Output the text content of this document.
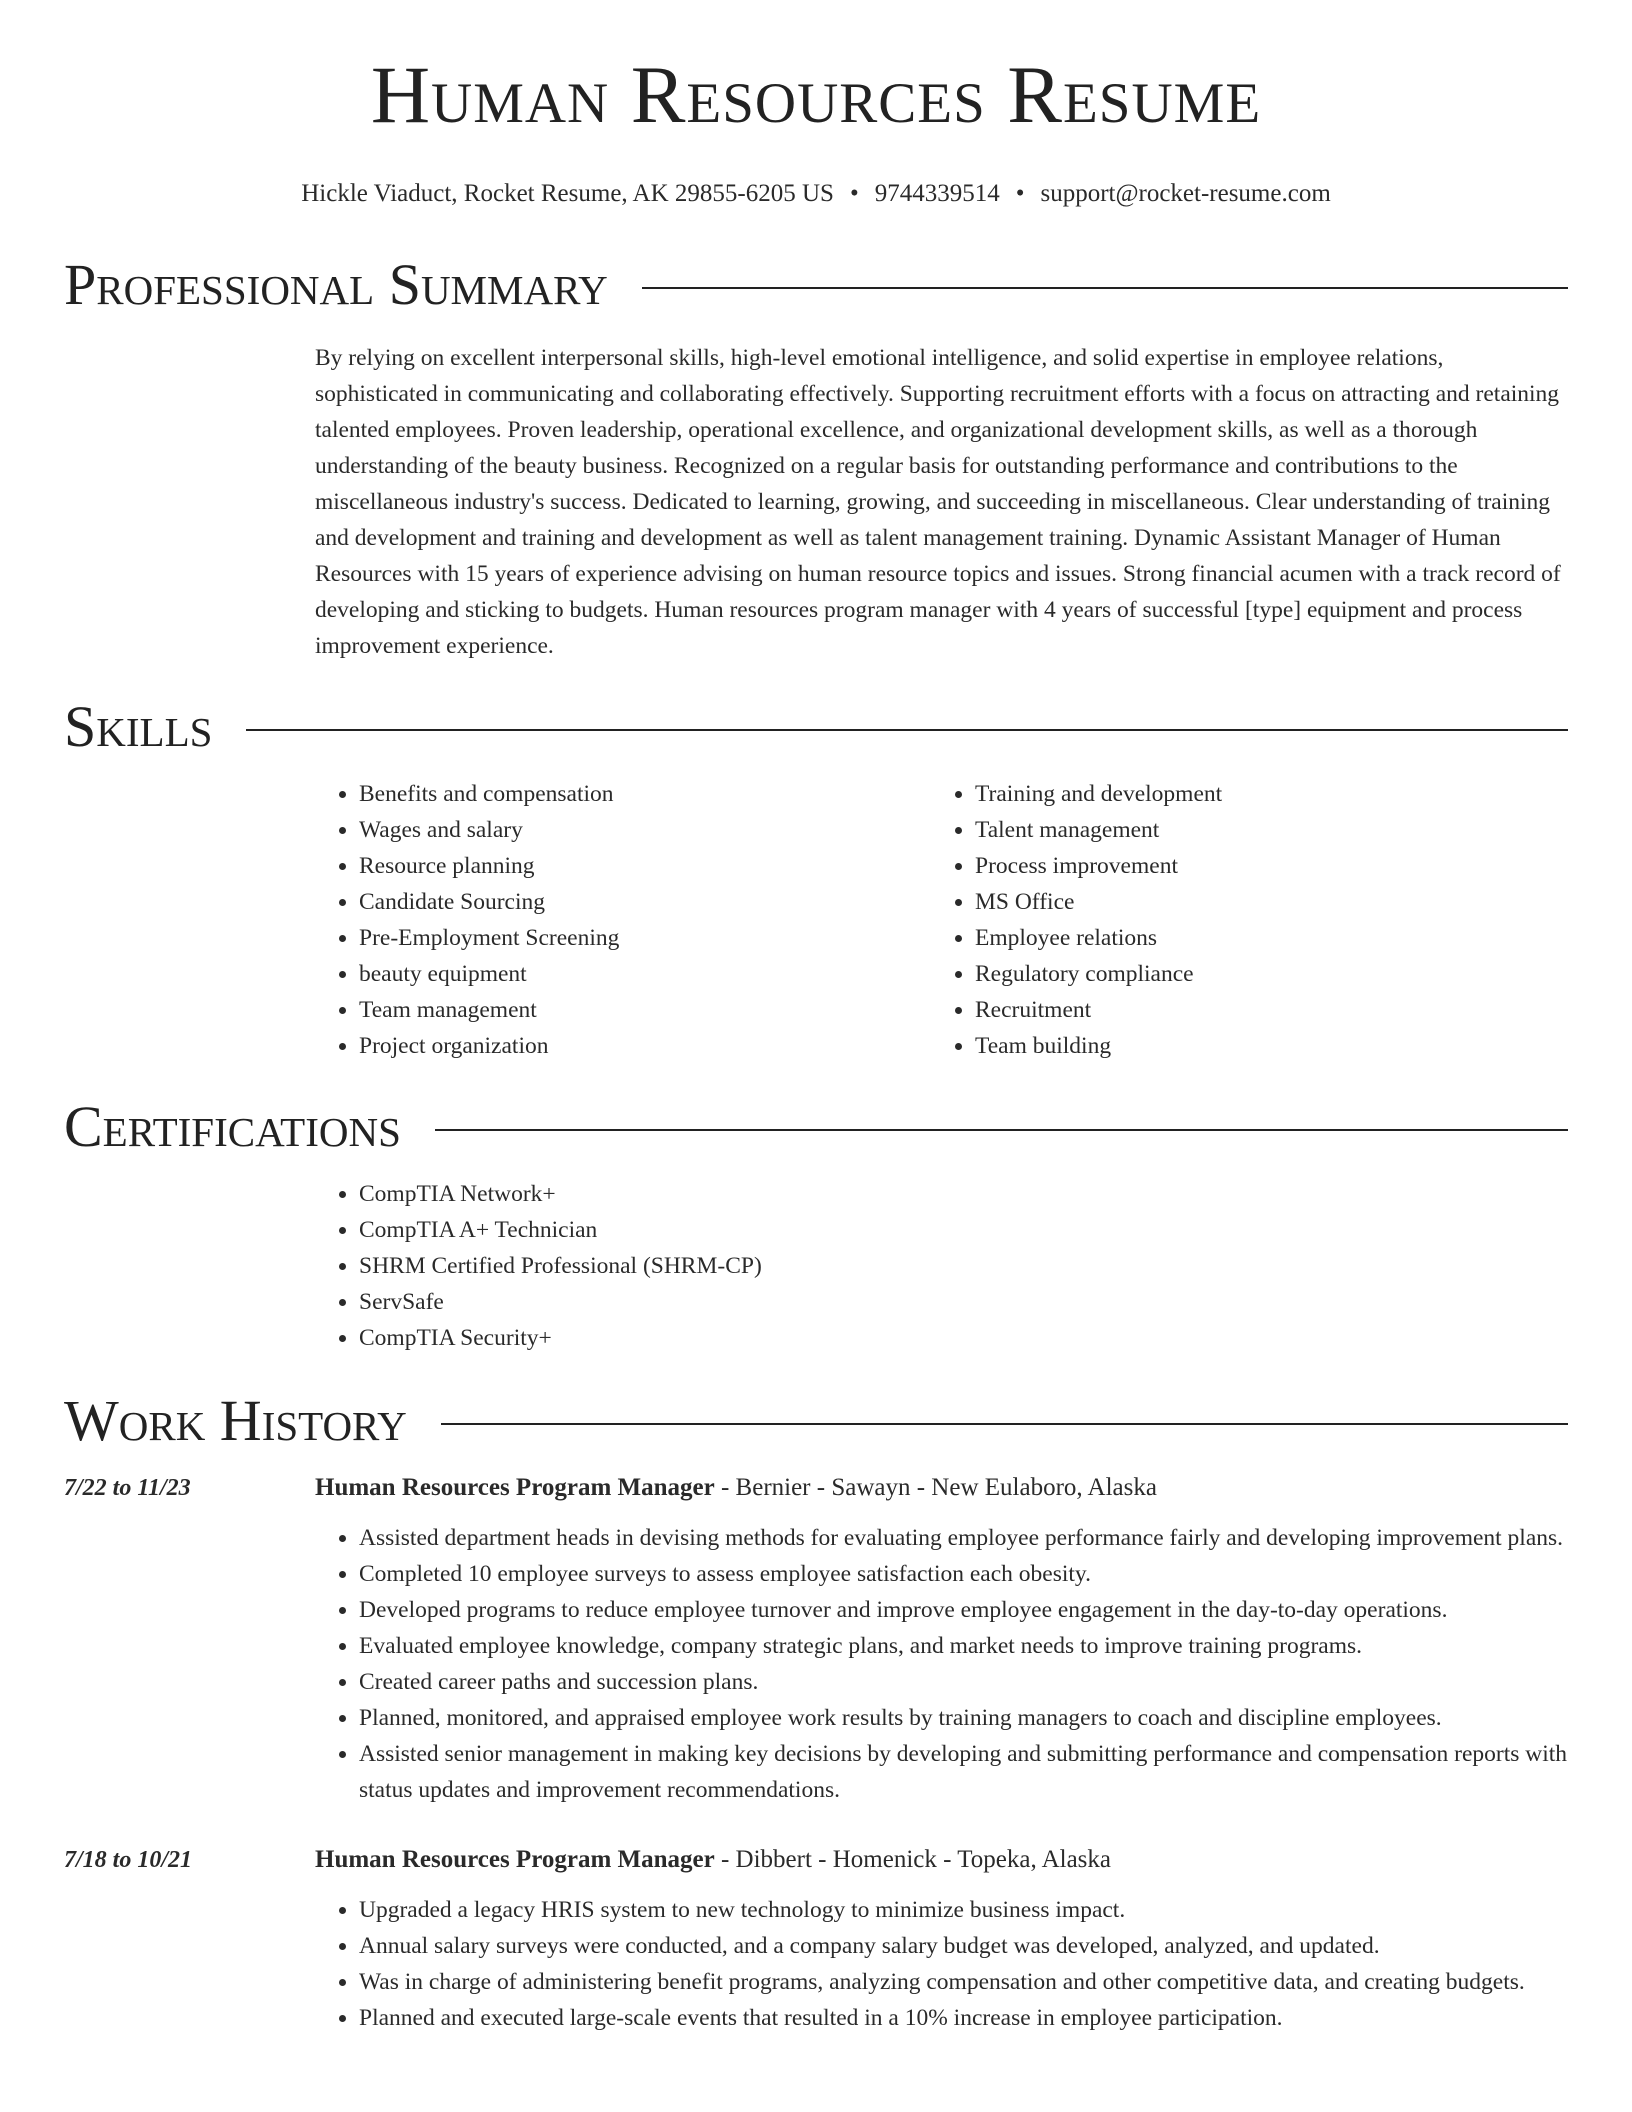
Human Resources Resume
Hickle Viaduct, Rocket Resume, AK 29855-6205 US • 9744339514 • support@rocket-resume.com
Professional Summary
By relying on excellent interpersonal skills, high-level emotional intelligence, and solid expertise in employee relations, sophisticated in communicating and collaborating effectively. Supporting recruitment efforts with a focus on attracting and retaining talented employees. Proven leadership, operational excellence, and organizational development skills, as well as a thorough understanding of the beauty business. Recognized on a regular basis for outstanding performance and contributions to the miscellaneous industry's success. Dedicated to learning, growing, and succeeding in miscellaneous. Clear understanding of training and development and training and development as well as talent management training. Dynamic Assistant Manager of Human Resources with 15 years of experience advising on human resource topics and issues. Strong financial acumen with a track record of developing and sticking to budgets. Human resources program manager with 4 years of successful [type] equipment and process improvement experience.
Skills
• Benefits and compensation
• Wages and salary
• Resource planning
• Candidate Sourcing
• Pre-Employment Screening
• beauty equipment
• Team management
• Project organization
• Training and development
• Talent management
• Process improvement
• MS Office
• Employee relations
• Regulatory compliance
• Recruitment
• Team building
Certifications
• CompTIA Network+
• CompTIA A+ Technician
• SHRM Certified Professional (SHRM-CP)
• ServSafe
• CompTIA Security+
Work History
7/22 to 11/23	Human Resources Program Manager - Bernier - Sawayn - New Eulaboro, Alaska
• Assisted department heads in devising methods for evaluating employee performance fairly and developing improvement plans.
• Completed 10 employee surveys to assess employee satisfaction each obesity.
• Developed programs to reduce employee turnover and improve employee engagement in the day-to-day operations.
• Evaluated employee knowledge, company strategic plans, and market needs to improve training programs.
• Created career paths and succession plans.
• Planned, monitored, and appraised employee work results by training managers to coach and discipline employees.
• Assisted senior management in making key decisions by developing and submitting performance and compensation reports with status updates and improvement recommendations.
7/18 to 10/21	Human Resources Program Manager - Dibbert - Homenick - Topeka, Alaska
• Upgraded a legacy HRIS system to new technology to minimize business impact.
• Annual salary surveys were conducted, and a company salary budget was developed, analyzed, and updated.
• Was in charge of administering benefit programs, analyzing compensation and other competitive data, and creating budgets.
• Planned and executed large-scale events that resulted in a 10% increase in employee participation.
